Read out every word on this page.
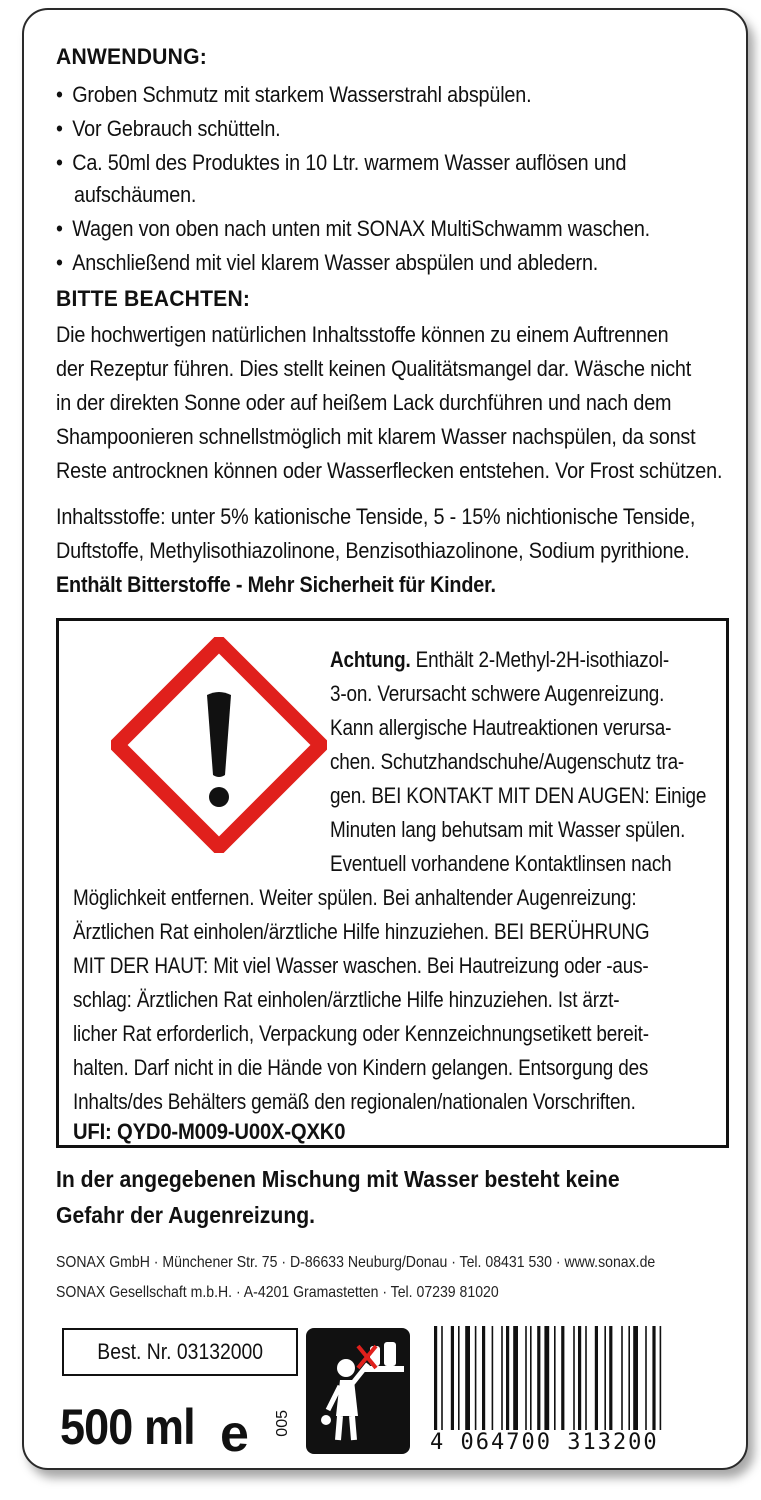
ANWENDUNG:
• Groben Schmutz mit starkem Wasserstrahl abspülen.
• Vor Gebrauch schütteln.
• Ca. 50ml des Produktes in 10 Ltr. warmem Wasser auflösen und
aufschäumen.
• Wagen von oben nach unten mit SONAX MultiSchwamm waschen.
• Anschließend mit viel klarem Wasser abspülen und abledern.
BITTE BEACHTEN:
Die hochwertigen natürlichen Inhaltsstoffe können zu einem Auftrennen
der Rezeptur führen. Dies stellt keinen Qualitätsmangel dar. Wäsche nicht
in der direkten Sonne oder auf heißem Lack durchführen und nach dem
Shampoonieren schnellstmöglich mit klarem Wasser nachspülen, da sonst
Reste antrocknen können oder Wasserflecken entstehen. Vor Frost schützen.
Inhaltsstoffe: unter 5% kationische Tenside, 5 - 15% nichtionische Tenside,
Duftstoffe, Methylisothiazolinone, Benzisothiazolinone, Sodium pyrithione.
Enthält Bitterstoffe - Mehr Sicherheit für Kinder.
Achtung. Enthält 2-Methyl-2H-isothiazol-
3-on. Verursacht schwere Augenreizung.
Kann allergische Hautreaktionen verursa-
chen. Schutzhandschuhe/Augenschutz tra-
gen. BEI KONTAKT MIT DEN AUGEN: Einige
Minuten lang behutsam mit Wasser spülen.
Eventuell vorhandene Kontaktlinsen nach
Möglichkeit entfernen. Weiter spülen. Bei anhaltender Augenreizung:
Ärztlichen Rat einholen/ärztliche Hilfe hinzuziehen. BEI BERÜHRUNG
MIT DER HAUT: Mit viel Wasser waschen. Bei Hautreizung oder -aus-
schlag: Ärztlichen Rat einholen/ärztliche Hilfe hinzuziehen. Ist ärzt-
licher Rat erforderlich, Verpackung oder Kennzeichnungsetikett bereit-
halten. Darf nicht in die Hände von Kindern gelangen. Entsorgung des
Inhalts/des Behälters gemäß den regionalen/nationalen Vorschriften.
UFI: QYD0-M009-U00X-QXK0
In der angegebenen Mischung mit Wasser besteht keine
Gefahr der Augenreizung.
SONAX GmbH · Münchener Str. 75 · D-86633 Neuburg/Donau · Tel. 08431 530 · www.sonax.de
SONAX Gesellschaft m.b.H. · A-4201 Gramastetten · Tel. 07239 81020
Best. Nr. 03132000
500 ml e 005
4 064700 313200
